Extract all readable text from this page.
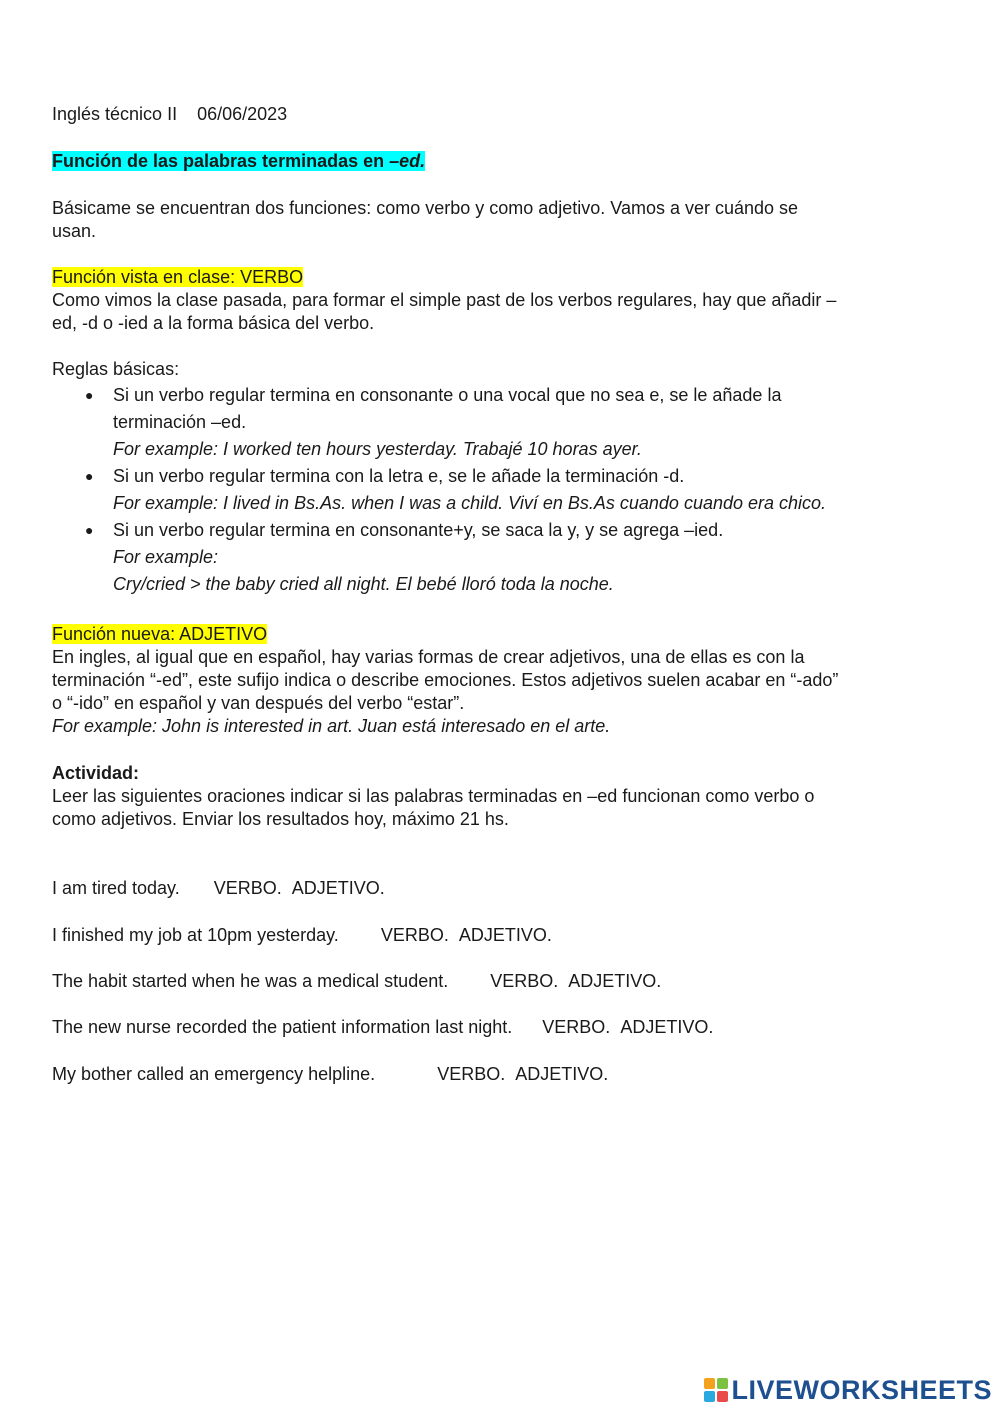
Inglés técnico II 06/06/2023
Función de las palabras terminadas en –ed.
Básicame se encuentran dos funciones: como verbo y como adjetivo. Vamos a ver cuándo se
usan.
Función vista en clase: VERBO
Como vimos la clase pasada, para formar el simple past de los verbos regulares, hay que añadir –
ed, -d o -ied a la forma básica del verbo.
Reglas básicas:
● Si un verbo regular termina en consonante o una vocal que no sea e, se le añade la
terminación –ed.
For example: I worked ten hours yesterday. Trabajé 10 horas ayer.
● Si un verbo regular termina con la letra e, se le añade la terminación -d.
For example: I lived in Bs.As. when I was a child. Viví en Bs.As cuando cuando era chico.
● Si un verbo regular termina en consonante+y, se saca la y, y se agrega –ied.
For example:
Cry/cried > the baby cried all night. El bebé lloró toda la noche.
Función nueva: ADJETIVO
En ingles, al igual que en español, hay varias formas de crear adjetivos, una de ellas es con la
terminación “-ed”, este sufijo indica o describe emociones. Estos adjetivos suelen acabar en “-ado”
o “-ido” en español y van después del verbo “estar”.
For example: John is interested in art. Juan está interesado en el arte.
Actividad:
Leer las siguientes oraciones indicar si las palabras terminadas en –ed funcionan como verbo o
como adjetivos. Enviar los resultados hoy, máximo 21 hs.
I am tired today. VERBO. ADJETIVO.
I finished my job at 10pm yesterday. VERBO. ADJETIVO.
The habit started when he was a medical student. VERBO. ADJETIVO.
The new nurse recorded the patient information last night. VERBO. ADJETIVO.
My bother called an emergency helpline.	VERBO. ADJETIVO.
LIVEWORKSHEETS
